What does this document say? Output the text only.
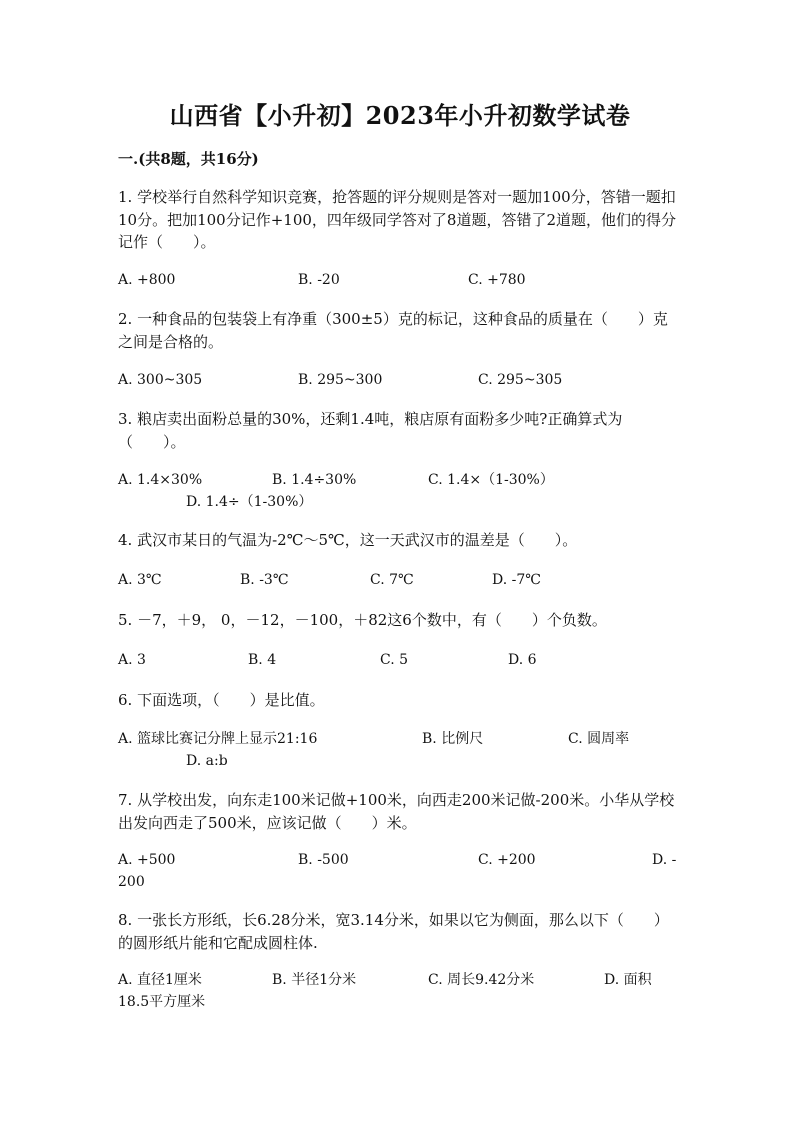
山西省【小升初】2023年小升初数学试卷
一.(共8题，共16分)
1. 学校举行自然科学知识竞赛，抢答题的评分规则是答对一题加100分，答错一题扣10分。把加100分记作+100，四年级同学答对了8道题，答错了2道题，他们的得分记作（　　）。
A. +800	B. -20	C. +780
2. 一种食品的包装袋上有净重（300±5）克的标记，这种食品的质量在（　　）克之间是合格的。
A. 300~305	B. 295~300	C. 295~305
3. 粮店卖出面粉总量的30%，还剩1.4吨，粮店原有面粉多少吨?正确算式为（　　）。
A. 1.4×30%	B. 1.4÷30%	C. 1.4×（1-30%）
D. 1.4÷（1-30%）
4. 武汉市某日的气温为-2℃～5℃，这一天武汉市的温差是（　　）。
A. 3℃	B. -3℃	C. 7℃	D. -7℃
5. －7，＋9， 0，－12，－100，＋82这6个数中，有（　　）个负数。
A. 3	B. 4	C. 5	D. 6
6. 下面选项，（　　）是比值。
A. 篮球比赛记分牌上显示21:16	B. 比例尺	C. 圆周率
D. a:b
7. 从学校出发，向东走100米记做+100米，向西走200米记做-200米。小华从学校出发向西走了500米，应该记做（　　）米。
A. +500	B. -500	C. +200	D. -
200
8. 一张长方形纸，长6.28分米，宽3.14分米，如果以它为侧面，那么以下（　　）的圆形纸片能和它配成圆柱体.
A. 直径1厘米	B. 半径1分米	C. 周长9.42分米	D. 面积
18.5平方厘米
